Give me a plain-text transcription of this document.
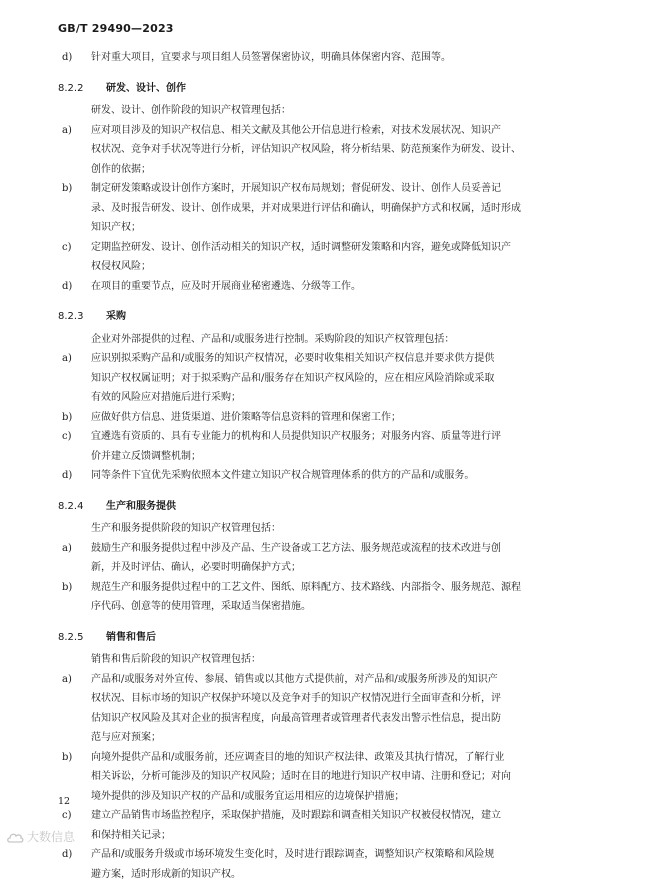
GB/T 29490—2023
d)	针对重大项目，宜要求与项目组人员签署保密协议，明确具体保密内容、范围等。
8.2.2	研发、设计、创作
研发、设计、创作阶段的知识产权管理包括：
a)	应对项目涉及的知识产权信息、相关文献及其他公开信息进行检索，对技术发展状况、知识产
权状况、竞争对手状况等进行分析，评估知识产权风险，将分析结果、防范预案作为研发、设计、
创作的依据；
b)	制定研发策略或设计创作方案时，开展知识产权布局规划；督促研发、设计、创作人员妥善记
录、及时报告研发、设计、创作成果，并对成果进行评估和确认，明确保护方式和权属，适时形成
知识产权；
c)	定期监控研发、设计、创作活动相关的知识产权，适时调整研发策略和内容，避免或降低知识产
权侵权风险；
d)	在项目的重要节点，应及时开展商业秘密遴选、分级等工作。
8.2.3	采购
企业对外部提供的过程、产品和/或服务进行控制。采购阶段的知识产权管理包括：
a)	应识别拟采购产品和/或服务的知识产权情况，必要时收集相关知识产权信息并要求供方提供
知识产权权属证明；对于拟采购产品和/服务存在知识产权风险的，应在相应风险消除或采取
有效的风险应对措施后进行采购；
b)	应做好供方信息、进货渠道、进价策略等信息资料的管理和保密工作；
c)	宜遴选有资质的、具有专业能力的机构和人员提供知识产权服务；对服务内容、质量等进行评
价并建立反馈调整机制；
d)	同等条件下宜优先采购依照本文件建立知识产权合规管理体系的供方的产品和/或服务。
8.2.4	生产和服务提供
生产和服务提供阶段的知识产权管理包括：
a)	鼓励生产和服务提供过程中涉及产品、生产设备或工艺方法、服务规范或流程的技术改进与创
新，并及时评估、确认，必要时明确保护方式；
b)	规范生产和服务提供过程中的工艺文件、图纸、原料配方、技术路线、内部指令、服务规范、源程
序代码、创意等的使用管理，采取适当保密措施。
8.2.5	销售和售后
销售和售后阶段的知识产权管理包括：
a)	产品和/或服务对外宣传、参展、销售或以其他方式提供前，对产品和/或服务所涉及的知识产
权状况、目标市场的知识产权保护环境以及竞争对手的知识产权情况进行全面审查和分析，评
估知识产权风险及其对企业的损害程度，向最高管理者或管理者代表发出警示性信息，提出防
范与应对预案；
b)	向境外提供产品和/或服务前，还应调查目的地的知识产权法律、政策及其执行情况，了解行业
相关诉讼，分析可能涉及的知识产权风险；适时在目的地进行知识产权申请、注册和登记；对向
境外提供的涉及知识产权的产品和/或服务宜运用相应的边境保护措施；
c)	建立产品销售市场监控程序，采取保护措施，及时跟踪和调查相关知识产权被侵权情况，建立
和保持相关记录；
d)	产品和/或服务升级或市场环境发生变化时，及时进行跟踪调查，调整知识产权策略和风险规
避方案，适时形成新的知识产权。
12
大数信息
